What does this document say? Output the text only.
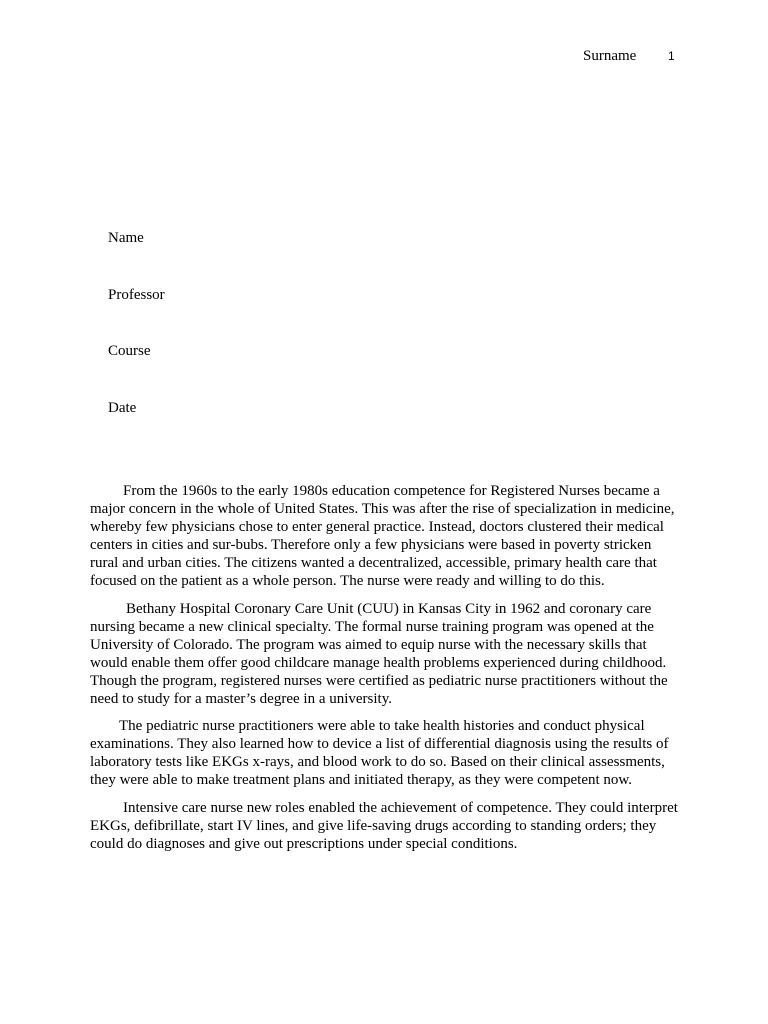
Surname	1
Name
Professor
Course
Date

From the 1960s to the early 1980s education competence for Registered Nurses became a major concern in the whole of United States. This was after the rise of specialization in medicine, whereby few physicians chose to enter general practice. Instead, doctors clustered their medical centers in cities and sur-bubs. Therefore only a few physicians were based in poverty stricken rural and urban cities. The citizens wanted a decentralized, accessible, primary health care that focused on the patient as a whole person. The nurse were ready and willing to do this.

Bethany Hospital Coronary Care Unit (CUU) in Kansas City in 1962 and coronary care nursing became a new clinical specialty. The formal nurse training program was opened at the University of Colorado. The program was aimed to equip nurse with the necessary skills that would enable them offer good childcare manage health problems experienced during childhood. Though the program, registered nurses were certified as pediatric nurse practitioners without the need to study for a master’s degree in a university.

The pediatric nurse practitioners were able to take health histories and conduct physical examinations. They also learned how to device a list of differential diagnosis using the results of laboratory tests like EKGs x-rays, and blood work to do so. Based on their clinical assessments, they were able to make treatment plans and initiated therapy, as they were competent now.

Intensive care nurse new roles enabled the achievement of competence. They could interpret EKGs, defibrillate, start IV lines, and give life-saving drugs according to standing orders; they could do diagnoses and give out prescriptions under special conditions.
